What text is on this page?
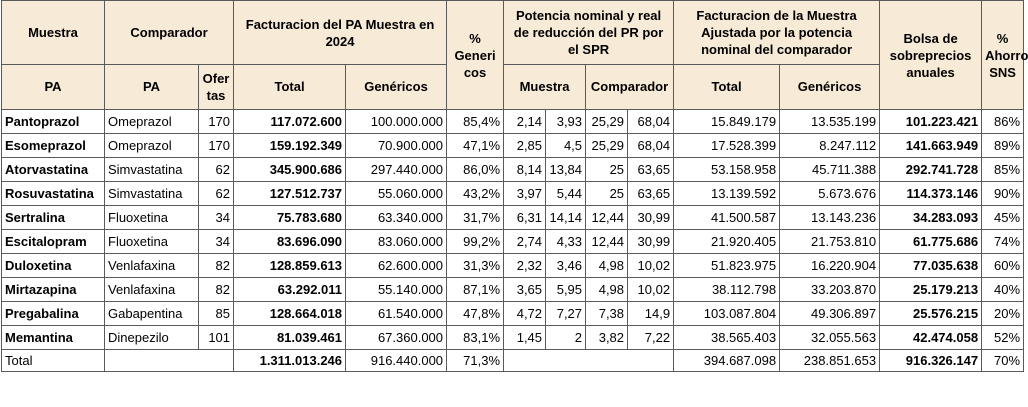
Muestra	Comparador		Facturacion del PA Muestra en 2024		% Generi cos	Potencia nominal y real de reducción del PR por el SPR				Facturacion de la Muestra Ajustada por la potencia nominal del comparador		Bolsa de sobreprecios anuales	% Ahorro SNS
PA	PA	Ofer tas	Total	Genéricos		Muestra		Comparador		Total	Genéricos		
Pantoprazol	Omeprazol	170	117.072.600	100.000.000	85,4%	2,14	3,93	25,29	68,04	15.849.179	13.535.199	101.223.421	86%
Esomeprazol	Omeprazol	170	159.192.349	70.900.000	47,1%	2,85	4,5	25,29	68,04	17.528.399	8.247.112	141.663.949	89%
Atorvastatina	Simvastatina	62	345.900.686	297.440.000	86,0%	8,14	13,84	25	63,65	53.158.958	45.711.388	292.741.728	85%
Rosuvastatina	Simvastatina	62	127.512.737	55.060.000	43,2%	3,97	5,44	25	63,65	13.139.592	5.673.676	114.373.146	90%
Sertralina	Fluoxetina	34	75.783.680	63.340.000	31,7%	6,31	14,14	12,44	30,99	41.500.587	13.143.236	34.283.093	45%
Escitalopram	Fluoxetina	34	83.696.090	83.060.000	99,2%	2,74	4,33	12,44	30,99	21.920.405	21.753.810	61.775.686	74%
Duloxetina	Venlafaxina	82	128.859.613	62.600.000	31,3%	2,32	3,46	4,98	10,02	51.823.975	16.220.904	77.035.638	60%
Mirtazapina	Venlafaxina	82	63.292.011	55.140.000	87,1%	3,65	5,95	4,98	10,02	38.112.798	33.203.870	25.179.213	40%
Pregabalina	Gabapentina	85	128.664.018	61.540.000	47,8%	4,72	7,27	7,38	14,9	103.087.804	49.306.897	25.576.215	20%
Memantina	Dinepezilo	101	81.039.461	67.360.000	83,1%	1,45	2	3,82	7,22	38.565.403	32.055.563	42.474.058	52%
Total			1.311.013.246	916.440.000	71,3%					394.687.098	238.851.653	916.326.147	70%
